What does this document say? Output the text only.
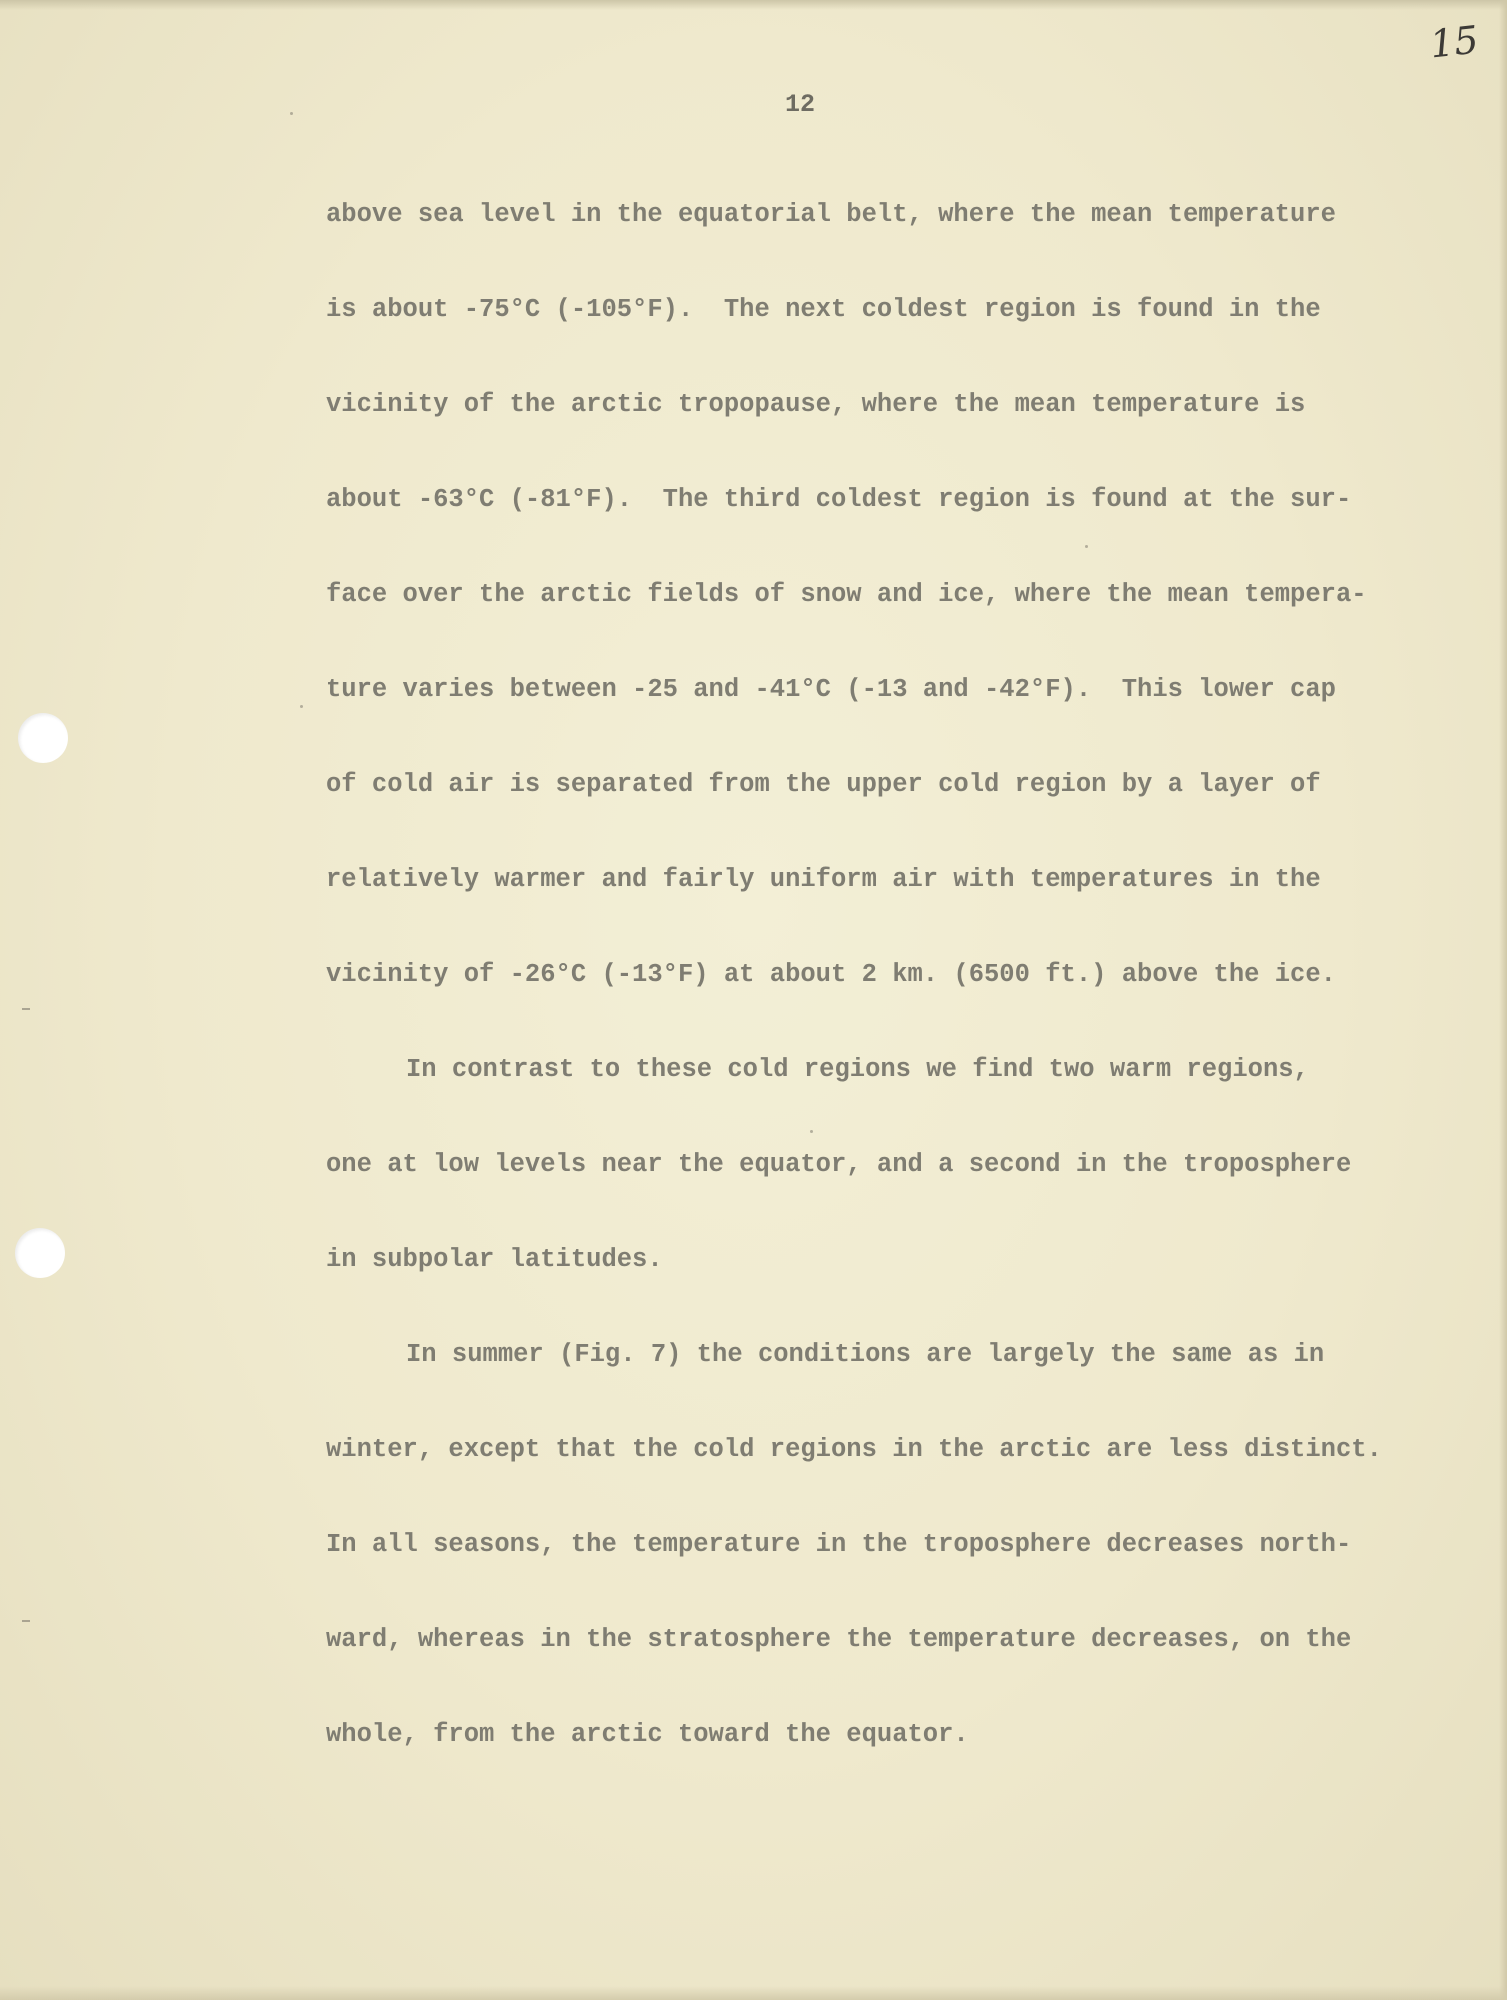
15
12
above sea level in the equatorial belt, where the mean temperature
is about -75°C (-105°F).  The next coldest region is found in the
vicinity of the arctic tropopause, where the mean temperature is
about -63°C (-81°F).  The third coldest region is found at the sur-
face over the arctic fields of snow and ice, where the mean tempera-
ture varies between -25 and -41°C (-13 and -42°F).  This lower cap
of cold air is separated from the upper cold region by a layer of
relatively warmer and fairly uniform air with temperatures in the
vicinity of -26°C (-13°F) at about 2 km. (6500 ft.) above the ice.
In contrast to these cold regions we find two warm regions,
one at low levels near the equator, and a second in the troposphere
in subpolar latitudes.
In summer (Fig. 7) the conditions are largely the same as in
winter, except that the cold regions in the arctic are less distinct.
In all seasons, the temperature in the troposphere decreases north-
ward, whereas in the stratosphere the temperature decreases, on the
whole, from the arctic toward the equator.
